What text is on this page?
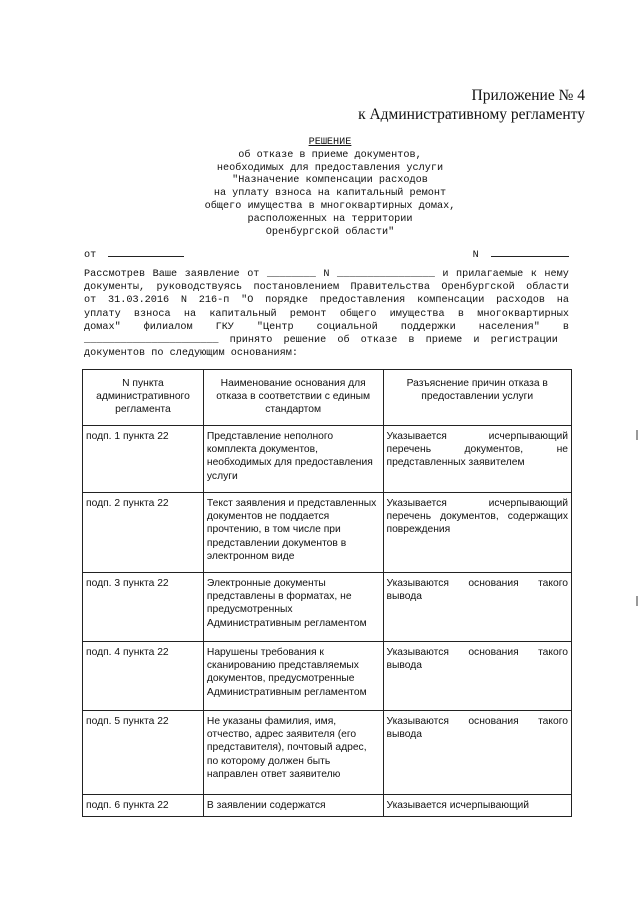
Приложение № 4
к Административному регламенту
РЕШЕНИЕ
об отказе в приеме документов,
необходимых для предоставления услуги
"Назначение компенсации расходов
на уплату взноса на капитальный ремонт
общего имущества в многоквартирных домах,
расположенных на территории
Оренбургской области"
от	N
Рассмотрев Ваше заявление от ________ N ________________ и прилагаемые к нему
документы, руководствуясь постановлением Правительства Оренбургской области
от 31.03.2016 N 216-п "О порядке предоставления компенсации расходов на
уплату взноса на капитальный ремонт общего имущества в многоквартирных
домах" филиалом ГКУ "Центр социальной поддержки населения" в
______________________ принято решение об отказе в приеме и регистрации
документов по следующим основаниям:
N пункта административного регламента	Наименование основания для отказа в соответствии с единым стандартом	Разъяснение причин отказа в предоставлении услуги
подп. 1 пункта 22	Представление неполного комплекта документов, необходимых для предоставления услуги	Указывается исчерпывающий перечень документов, не представленных заявителем
подп. 2 пункта 22	Текст заявления и представленных документов не поддается прочтению, в том числе при представлении документов в электронном виде	Указывается исчерпывающий перечень документов, содержащих повреждения
подп. 3 пункта 22	Электронные документы представлены в форматах, не предусмотренных Административным регламентом	Указываются основания такого вывода
подп. 4 пункта 22	Нарушены требования к сканированию представляемых документов, предусмотренные Административным регламентом	Указываются основания такого вывода
подп. 5 пункта 22	Не указаны фамилия, имя, отчество, адрес заявителя (его представителя), почтовый адрес, по которому должен быть направлен ответ заявителю	Указываются основания такого вывода
подп. 6 пункта 22	В заявлении содержатся	Указывается исчерпывающий
